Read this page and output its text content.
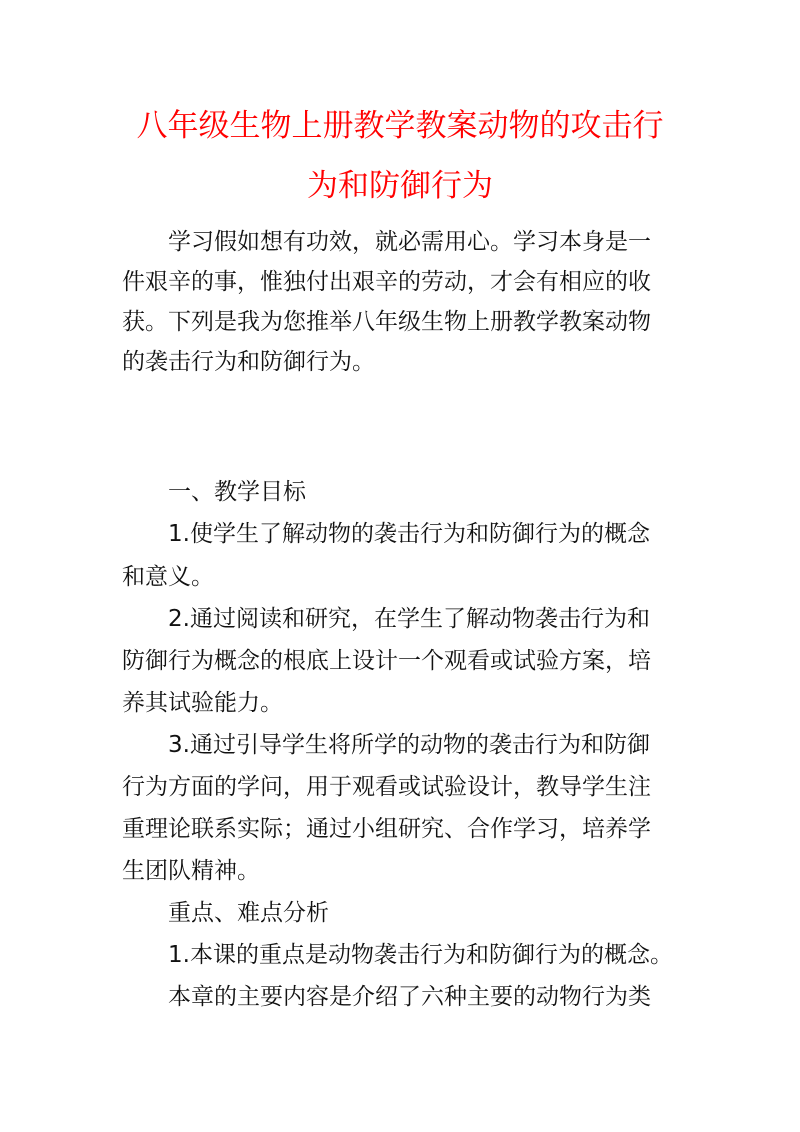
八年级生物上册教学教案动物的攻击行
为和防御行为
学习假如想有功效，就必需用心。学习本身是一
件艰辛的事，惟独付出艰辛的劳动，才会有相应的收
获。下列是我为您推举八年级生物上册教学教案动物
的袭击行为和防御行为。
一、教学目标
1.使学生了解动物的袭击行为和防御行为的概念
和意义。
2.通过阅读和研究，在学生了解动物袭击行为和
防御行为概念的根底上设计一个观看或试验方案，培
养其试验能力。
3.通过引导学生将所学的动物的袭击行为和防御
行为方面的学问，用于观看或试验设计，教导学生注
重理论联系实际；通过小组研究、合作学习，培养学
生团队精神。
重点、难点分析
1.本课的重点是动物袭击行为和防御行为的概念。
本章的主要内容是介绍了六种主要的动物行为类
